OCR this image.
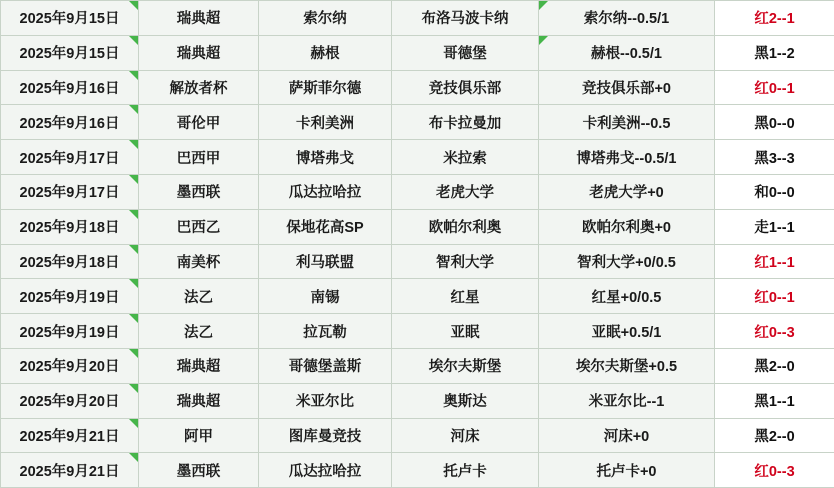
2025年9月15日	瑞典超	索尔纳	布洛马波卡纳	索尔纳--0.5/1	红2--1

2025年9月15日	瑞典超	赫根	哥德堡	赫根--0.5/1	黑1--2

2025年9月16日	解放者杯	萨斯菲尔德	竞技俱乐部	竞技俱乐部+0	红0--1

2025年9月16日	哥伦甲	卡利美洲	布卡拉曼加	卡利美洲--0.5	黑0--0

2025年9月17日	巴西甲	博塔弗戈	米拉索	博塔弗戈--0.5/1	黑3--3

2025年9月17日	墨西联	瓜达拉哈拉	老虎大学	老虎大学+0	和0--0

2025年9月18日	巴西乙	保地花高SP	欧帕尔利奥	欧帕尔利奥+0	走1--1

2025年9月18日	南美杯	利马联盟	智利大学	智利大学+0/0.5	红1--1

2025年9月19日	法乙	南锡	红星	红星+0/0.5	红0--1

2025年9月19日	法乙	拉瓦勒	亚眠	亚眠+0.5/1	红0--3

2025年9月20日	瑞典超	哥德堡盖斯	埃尔夫斯堡	埃尔夫斯堡+0.5	黑2--0

2025年9月20日	瑞典超	米亚尔比	奥斯达	米亚尔比--1	黑1--1

2025年9月21日	阿甲	图库曼竞技	河床	河床+0	黑2--0

2025年9月21日	墨西联	瓜达拉哈拉	托卢卡	托卢卡+0	红0--3
